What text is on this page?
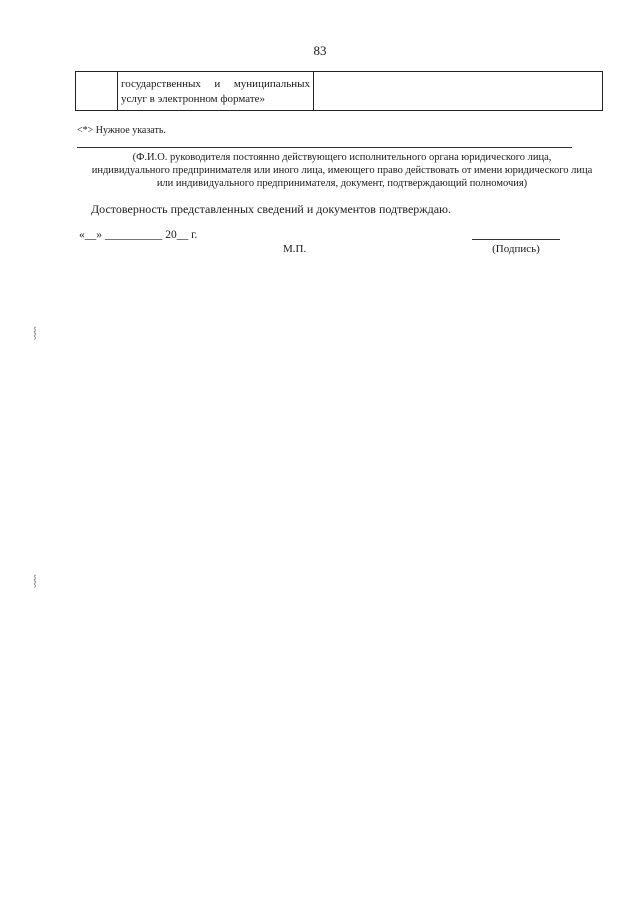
83
государственных и муниципальных
услуг в электронном формате»
<*> Нужное указать.
(Ф.И.О. руководителя постоянно действующего исполнительного органа юридического лица,
индивидуального предпринимателя или иного лица, имеющего право действовать от имени юридического лица
или индивидуального предпринимателя, документ, подтверждающий полномочия)
Достоверность представленных сведений и документов подтверждаю.
«__» __________ 20__ г.
М.П.	(Подпись)
⸾
⸾
